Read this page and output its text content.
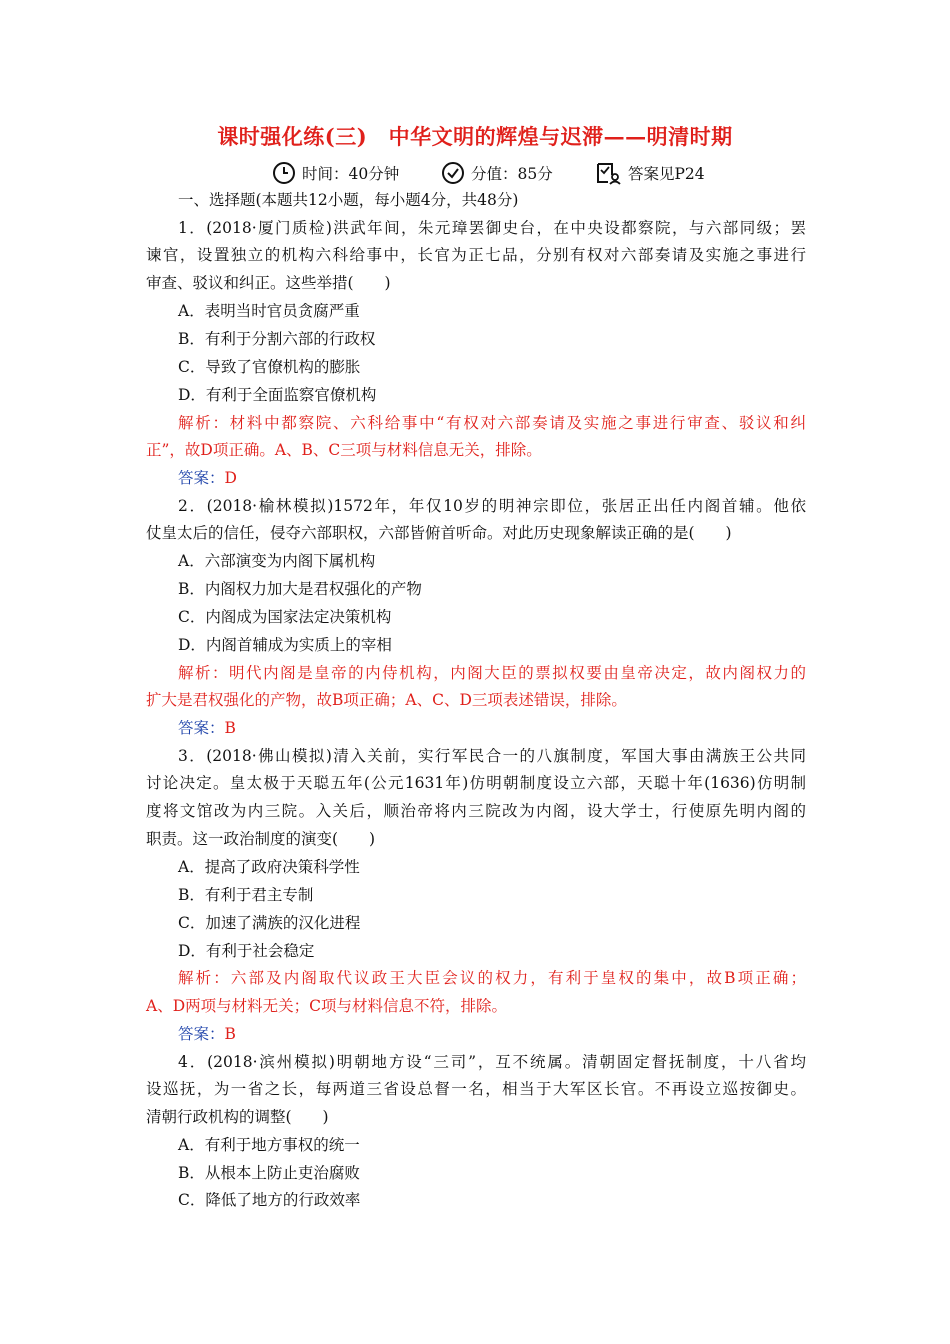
课时强化练(三)　中华文明的辉煌与迟滞——明清时期
时间：40分钟	分值：85分	答案见P24
一、选择题(本题共12小题，每小题4分，共48分)
1．(2018·厦门质检)洪武年间，朱元璋罢御史台，在中央设都察院，与六部同级；罢
谏官，设置独立的机构六科给事中，长官为正七品，分别有权对六部奏请及实施之事进行
审查、驳议和纠正。这些举措(　　)
A．表明当时官员贪腐严重
B．有利于分割六部的行政权
C．导致了官僚机构的膨胀
D．有利于全面监察官僚机构
解析：材料中都察院、六科给事中“有权对六部奏请及实施之事进行审查、驳议和纠
正”，故D项正确。A、B、C三项与材料信息无关，排除。
答案：D
2．(2018·榆林模拟)1572年，年仅10岁的明神宗即位，张居正出任内阁首辅。他依
仗皇太后的信任，侵夺六部职权，六部皆俯首听命。对此历史现象解读正确的是(　　)
A．六部演变为内阁下属机构
B．内阁权力加大是君权强化的产物
C．内阁成为国家法定决策机构
D．内阁首辅成为实质上的宰相
解析：明代内阁是皇帝的内侍机构，内阁大臣的票拟权要由皇帝决定，故内阁权力的
扩大是君权强化的产物，故B项正确；A、C、D三项表述错误，排除。
答案：B
3．(2018·佛山模拟)清入关前，实行军民合一的八旗制度，军国大事由满族王公共同
讨论决定。皇太极于天聪五年(公元1631年)仿明朝制度设立六部，天聪十年(1636)仿明制
度将文馆改为内三院。入关后，顺治帝将内三院改为内阁，设大学士，行使原先明内阁的
职责。这一政治制度的演变(　　)
A．提高了政府决策科学性
B．有利于君主专制
C．加速了满族的汉化进程
D．有利于社会稳定
解析：六部及内阁取代议政王大臣会议的权力，有利于皇权的集中，故B项正确；
A、D两项与材料无关；C项与材料信息不符，排除。
答案：B
4．(2018·滨州模拟)明朝地方设“三司”，互不统属。清朝固定督抚制度，十八省均
设巡抚，为一省之长，每两道三省设总督一名，相当于大军区长官。不再设立巡按御史。
清朝行政机构的调整(　　)
A．有利于地方事权的统一
B．从根本上防止吏治腐败
C．降低了地方的行政效率
